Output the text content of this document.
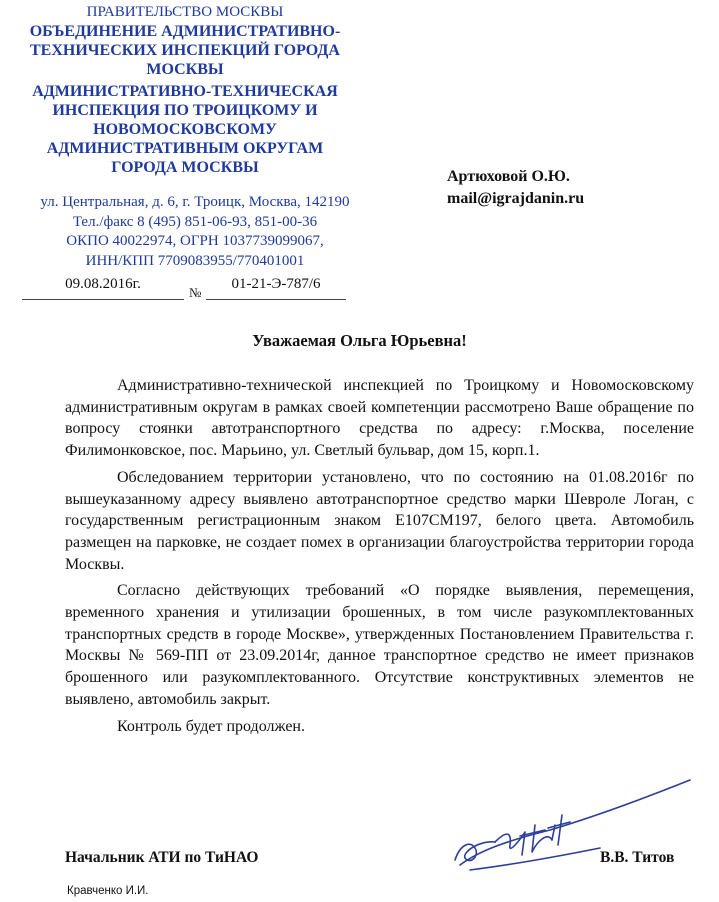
ПРАВИТЕЛЬСТВО МОСКВЫ
ОБЪЕДИНЕНИЕ АДМИНИСТРАТИВНО-ТЕХНИЧЕСКИХ ИНСПЕКЦИЙ ГОРОДА МОСКВЫ
АДМИНИСТРАТИВНО-ТЕХНИЧЕСКАЯ ИНСПЕКЦИЯ ПО ТРОИЦКОМУ И НОВОМОСКОВСКОМУ АДМИНИСТРАТИВНЫМ ОКРУГАМ ГОРОДА МОСКВЫ
ул. Центральная, д. 6, г. Троицк, Москва, 142190
Тел./факс 8 (495) 851-06-93, 851-00-36
ОКПО 40022974, ОГРН 1037739099067,
ИНН/КПП 7709083955/770401001
09.08.2016г.
№
01-21-Э-787/6
Артюховой О.Ю.
mail@igrajdanin.ru
Уважаемая Ольга Юрьевна!

Административно-технической инспекцией по Троицкому и Новомосковскому административным округам в рамках своей компетенции рассмотрено Ваше обращение по вопросу стоянки автотранспортного средства по адресу: г.Москва, поселение Филимонковское, пос. Марьино, ул. Светлый бульвар, дом 15, корп.1.

Обследованием территории установлено, что по состоянию на 01.08.2016г по вышеуказанному адресу выявлено автотранспортное средство марки Шевроле Логан, с государственным регистрационным знаком Е107СМ197, белого цвета. Автомобиль размещен на парковке, не создает помех в организации благоустройства территории города Москвы.

Согласно действующих требований «О порядке выявления, перемещения, временного хранения и утилизации брошенных, в том числе разукомплектованных транспортных средств в городе Москве», утвержденных Постановлением Правительства г. Москвы № 569-ПП от 23.09.2014г, данное транспортное средство не имеет признаков брошенного или разукомплектованного. Отсутствие конструктивных элементов не выявлено, автомобиль закрыт.

Контроль будет продолжен.

Начальник АТИ по ТиНАО	В.В. Титов
Кравченко И.И.
